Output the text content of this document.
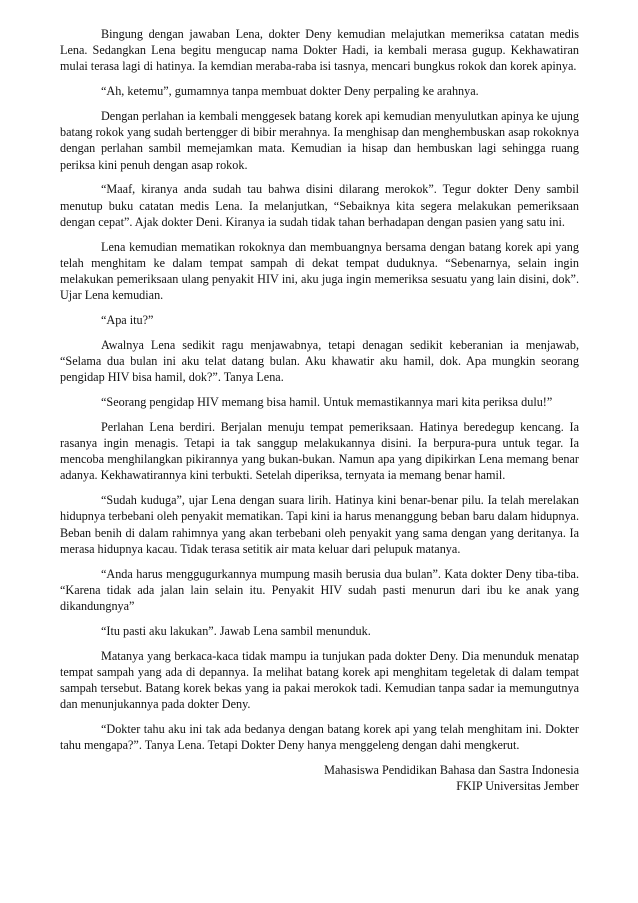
Bingung dengan jawaban Lena, dokter Deny kemudian melajutkan memeriksa catatan medis Lena. Sedangkan Lena begitu mengucap nama Dokter Hadi, ia kembali merasa gugup. Kekhawatiran mulai terasa lagi di hatinya. Ia kemdian meraba-raba isi tasnya, mencari bungkus rokok dan korek apinya.

“Ah, ketemu”, gumamnya tanpa membuat dokter Deny perpaling ke arahnya.

Dengan perlahan ia kembali menggesek batang korek api kemudian menyulutkan apinya ke ujung batang rokok yang sudah bertengger di bibir merahnya. Ia menghisap dan menghembuskan asap rokoknya dengan perlahan sambil memejamkan mata. Kemudian ia hisap dan hembuskan lagi sehingga ruang periksa kini penuh dengan asap rokok.

“Maaf, kiranya anda sudah tau bahwa disini dilarang merokok”. Tegur dokter Deny sambil menutup buku catatan medis Lena. Ia melanjutkan, “Sebaiknya kita segera melakukan pemeriksaan dengan cepat”. Ajak dokter Deni. Kiranya ia sudah tidak tahan berhadapan dengan pasien yang satu ini.

Lena kemudian mematikan rokoknya dan membuangnya bersama dengan batang korek api yang telah menghitam ke dalam tempat sampah di dekat tempat duduknya. “Sebenarnya, selain ingin melakukan pemeriksaan ulang penyakit HIV ini, aku juga ingin memeriksa sesuatu yang lain disini, dok”. Ujar Lena kemudian.

“Apa itu?”

Awalnya Lena sedikit ragu menjawabnya, tetapi denagan sedikit keberanian ia menjawab, “Selama dua bulan ini aku telat datang bulan. Aku khawatir aku hamil, dok. Apa mungkin seorang pengidap HIV bisa hamil, dok?”. Tanya Lena.

“Seorang pengidap HIV memang bisa hamil. Untuk memastikannya mari kita periksa dulu!”

Perlahan Lena berdiri. Berjalan menuju tempat pemeriksaan. Hatinya beredegup kencang. Ia rasanya ingin menagis. Tetapi ia tak sanggup melakukannya disini. Ia berpura-pura untuk tegar. Ia mencoba menghilangkan pikirannya yang bukan-bukan. Namun apa yang dipikirkan Lena memang benar adanya. Kekhawatirannya kini terbukti. Setelah diperiksa, ternyata ia memang benar hamil.

“Sudah kuduga”, ujar Lena dengan suara lirih. Hatinya kini benar-benar pilu. Ia telah merelakan hidupnya terbebani oleh penyakit mematikan. Tapi kini ia harus menanggung beban baru dalam hidupnya. Beban benih di dalam rahimnya yang akan terbebani oleh penyakit yang sama dengan yang deritanya. Ia merasa hidupnya kacau. Tidak terasa setitik air mata keluar dari pelupuk matanya.

“Anda harus menggugurkannya mumpung masih berusia dua bulan”. Kata dokter Deny tiba-tiba. “Karena tidak ada jalan lain selain itu. Penyakit HIV sudah pasti menurun dari ibu ke anak yang dikandungnya”

“Itu pasti aku lakukan”. Jawab Lena sambil menunduk.

Matanya yang berkaca-kaca tidak mampu ia tunjukan pada dokter Deny. Dia menunduk menatap tempat sampah yang ada di depannya. Ia melihat batang korek api menghitam tegeletak di dalam tempat sampah tersebut. Batang korek bekas yang ia pakai merokok tadi. Kemudian tanpa sadar ia memungutnya dan menunjukannya pada dokter Deny.

“Dokter tahu aku ini tak ada bedanya dengan batang korek api yang telah menghitam ini. Dokter tahu mengapa?”. Tanya Lena. Tetapi Dokter Deny hanya menggeleng dengan dahi mengkerut.

Mahasiswa Pendidikan Bahasa dan Sastra Indonesia
FKIP Universitas Jember
